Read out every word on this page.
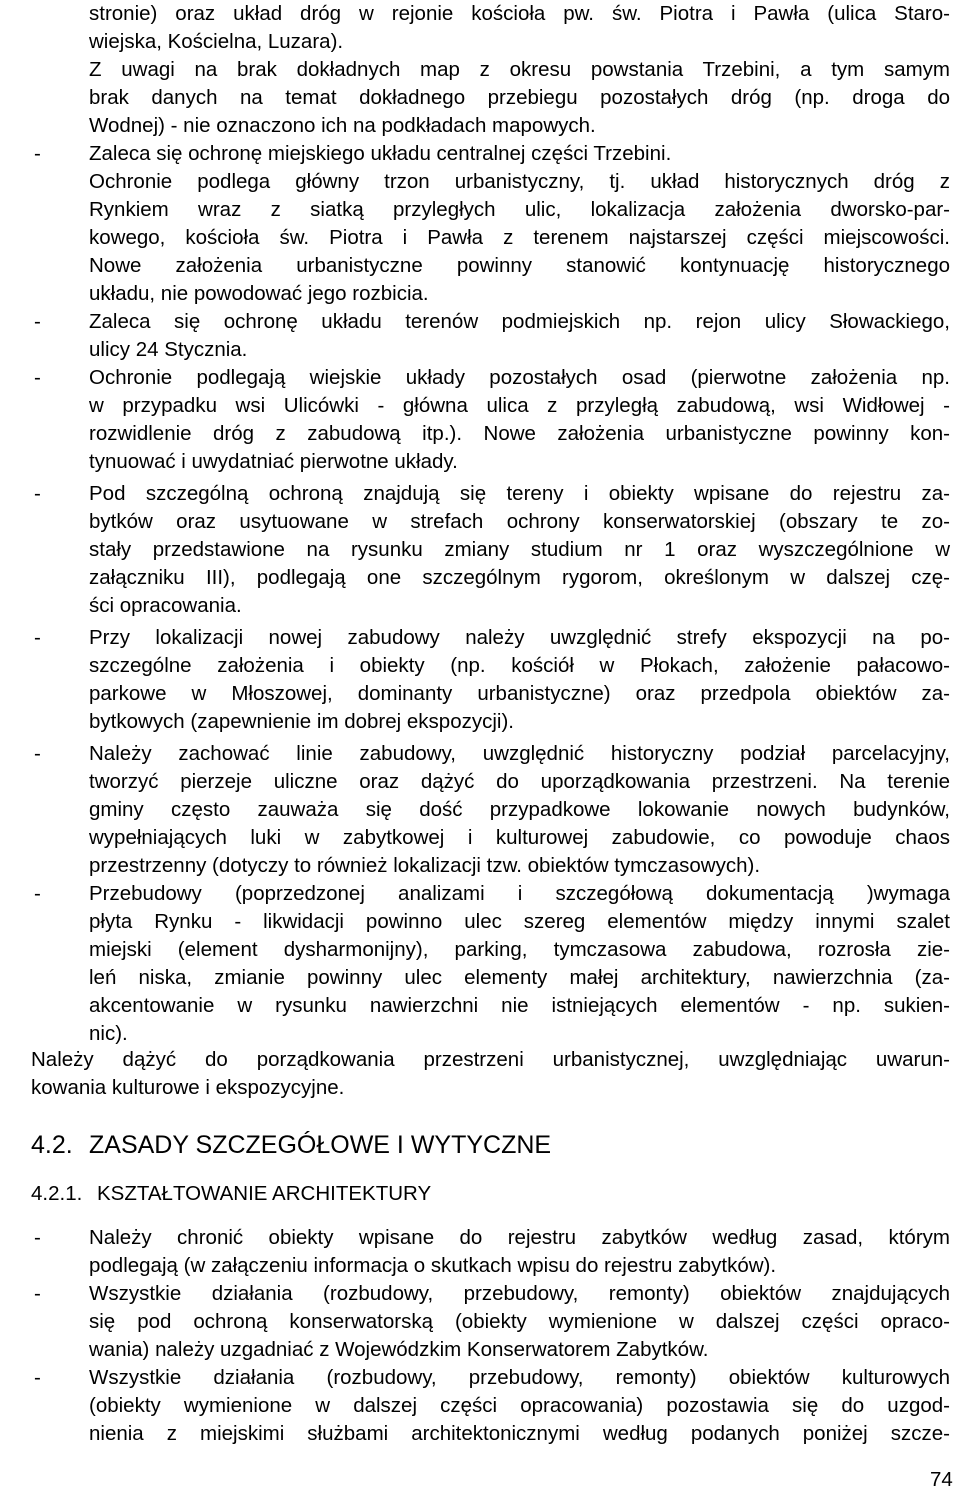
stronie) oraz układ dróg w rejonie kościoła pw. św. Piotra i Pawła (ulica Staro-
wiejska, Kościelna, Luzara).
Z uwagi na brak dokładnych map z okresu powstania Trzebini, a tym samym
brak danych na temat dokładnego przebiegu pozostałych dróg (np. droga do
Wodnej) - nie oznaczono ich na podkładach mapowych.
Zaleca się ochronę miejskiego układu centralnej części Trzebini.
-
Ochronie podlega główny trzon urbanistyczny, tj. układ historycznych dróg z
Rynkiem wraz z siatką przyległych ulic, lokalizacja założenia dworsko-par-
kowego, kościoła św. Piotra i Pawła z terenem najstarszej części miejscowości.
Nowe założenia urbanistyczne powinny stanowić kontynuację historycznego
układu, nie powodować jego rozbicia.
Zaleca się ochronę układu terenów podmiejskich np. rejon ulicy Słowackiego,
-
ulicy 24 Stycznia.
Ochronie podlegają wiejskie układy pozostałych osad (pierwotne założenia np.
-
w przypadku wsi Ulicówki - główna ulica z przyległą zabudową, wsi Widłowej -
rozwidlenie dróg z zabudową itp.). Nowe założenia urbanistyczne powinny kon-
tynuować i uwydatniać pierwotne układy.
Pod szczególną ochroną znajdują się tereny i obiekty wpisane do rejestru za-
-
bytków oraz usytuowane w strefach ochrony konserwatorskiej (obszary te zo-
stały przedstawione na rysunku zmiany studium nr 1 oraz wyszczególnione w
załączniku III), podlegają one szczególnym rygorom, określonym w dalszej czę-
ści opracowania.
Przy lokalizacji nowej zabudowy należy uwzględnić strefy ekspozycji na po-
-
szczególne założenia i obiekty (np. kościół w Płokach, założenie pałacowo-
parkowe w Młoszowej, dominanty urbanistyczne) oraz przedpola obiektów za-
bytkowych (zapewnienie im dobrej ekspozycji).
Należy zachować linie zabudowy, uwzględnić historyczny podział parcelacyjny,
-
tworzyć pierzeje uliczne oraz dążyć do uporządkowania przestrzeni. Na terenie
gminy często zauważa się dość przypadkowe lokowanie nowych budynków,
wypełniających luki w zabytkowej i kulturowej zabudowie, co powoduje chaos
przestrzenny (dotyczy to również lokalizacji tzw. obiektów tymczasowych).
Przebudowy (poprzedzonej analizami i szczegółową dokumentacją )wymaga
-
płyta Rynku - likwidacji powinno ulec szereg elementów między innymi szalet
miejski (element dysharmonijny), parking, tymczasowa zabudowa, rozrosła zie-
leń niska, zmianie powinny ulec elementy małej architektury, nawierzchnia (za-
akcentowanie w rysunku nawierzchni nie istniejących elementów - np. sukien-
nic).
Należy dążyć do porządkowania przestrzeni urbanistycznej, uwzględniając uwarun-
kowania kulturowe i ekspozycyjne.
Należy chronić obiekty wpisane do rejestru zabytków według zasad, którym
-
podlegają (w załączeniu informacja o skutkach wpisu do rejestru zabytków).
Wszystkie działania (rozbudowy, przebudowy, remonty) obiektów znajdujących
-
się pod ochroną konserwatorską (obiekty wymienione w dalszej części opraco-
wania) należy uzgadniać z Wojewódzkim Konserwatorem Zabytków.
Wszystkie działania (rozbudowy, przebudowy, remonty) obiektów kulturowych
-
(obiekty wymienione w dalszej części opracowania) pozostawia się do uzgod-
nienia z miejskimi służbami architektonicznymi według podanych poniżej szcze-
4.2. ZASADY SZCZEGÓŁOWE I WYTYCZNE
4.2.1. KSZTAŁTOWANIE ARCHITEKTURY
74
